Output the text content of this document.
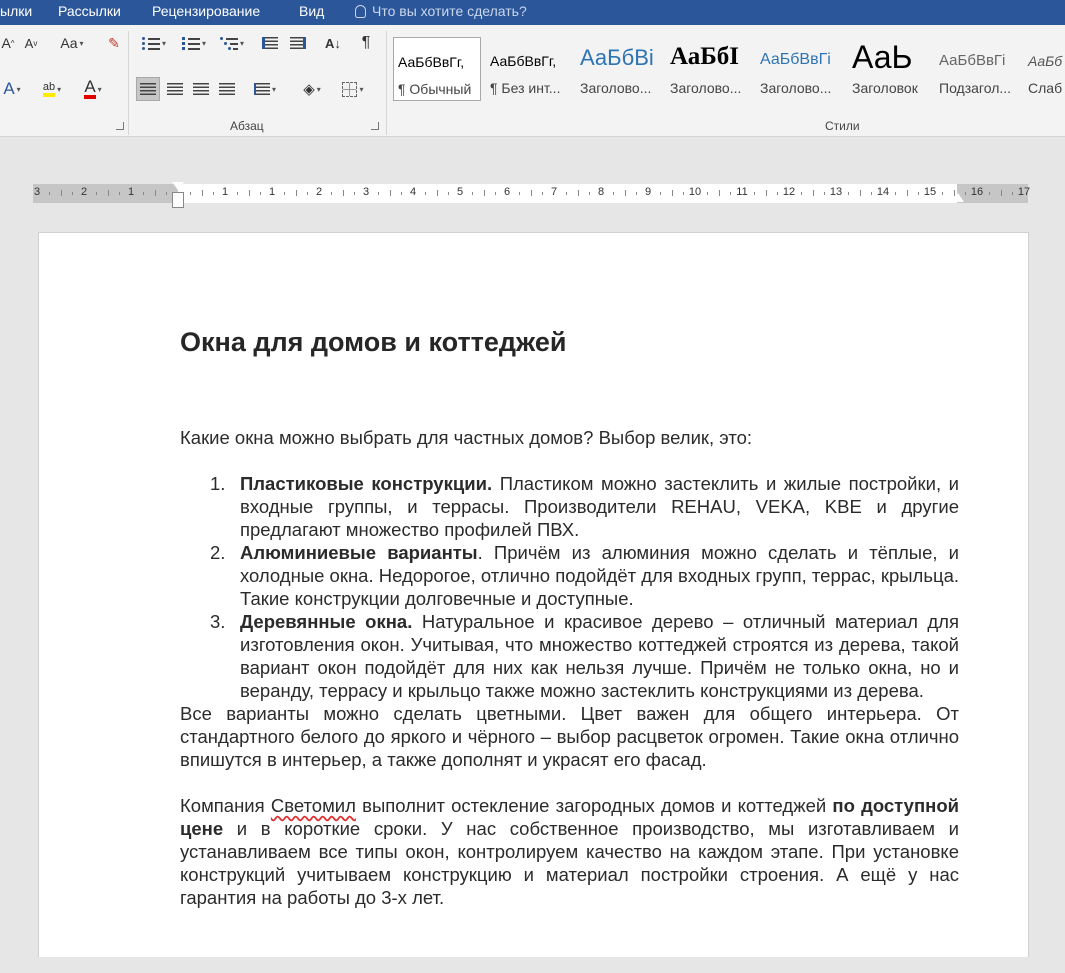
ылки Рассылки Рецензирование	Вид	Что вы хотите сделать?
A ^ A v Aa ▾ ✎
A ▾ ab ▾ A ▾
▾	▾	▾	A↓ ¶
▾ ◈ ▾	▾
Абзац
АаБбВвГг,
¶ Обычный
АаБбВвГг,
¶ Без инт...
АаБбВі
Заголово...
АаБбІ
Заголово...
АаБбВвГі
Заголово...
АаЬ
Заголовок
АаБбВвГі
Подзагол...
АаБб
Слаб
Стили
3	2	1	1	1	2	3	4	5	6	7	8	9	10	11	12	13	14	15	16	17
Окна для домов и коттеджей
Какие окна можно выбрать для частных домов? Выбор велик, это:
1. Пластиковые конструкции. Пластиком можно застеклить и жилые постройки, и входные группы, и террасы. Производители REHAU, VEKA, KBE и другие предлагают множество профилей ПВХ.
2. Алюминиевые варианты. Причём из алюминия можно сделать и тёплые, и холодные окна. Недорогое, отлично подойдёт для входных групп, террас, крыльца. Такие конструкции долговечные и доступные.
3. Деревянные окна. Натуральное и красивое дерево – отличный материал для изготовления окон. Учитывая, что множество коттеджей строятся из дерева, такой вариант окон подойдёт для них как нельзя лучше. Причём не только окна, но и веранду, террасу и крыльцо также можно застеклить конструкциями из дерева.

Все варианты можно сделать цветными. Цвет важен для общего интерьера. От стандартного белого до яркого и чёрного – выбор расцветок огромен. Такие окна отлично впишутся в интерьер, а также дополнят и украсят его фасад.

Компания Светомил выполнит остекление загородных домов и коттеджей по доступной цене и в короткие сроки. У нас собственное производство, мы изготавливаем и устанавливаем все типы окон, контролируем качество на каждом этапе. При установке конструкций учитываем конструкцию и материал постройки строения. А ещё у нас гарантия на работы до 3-х лет.
